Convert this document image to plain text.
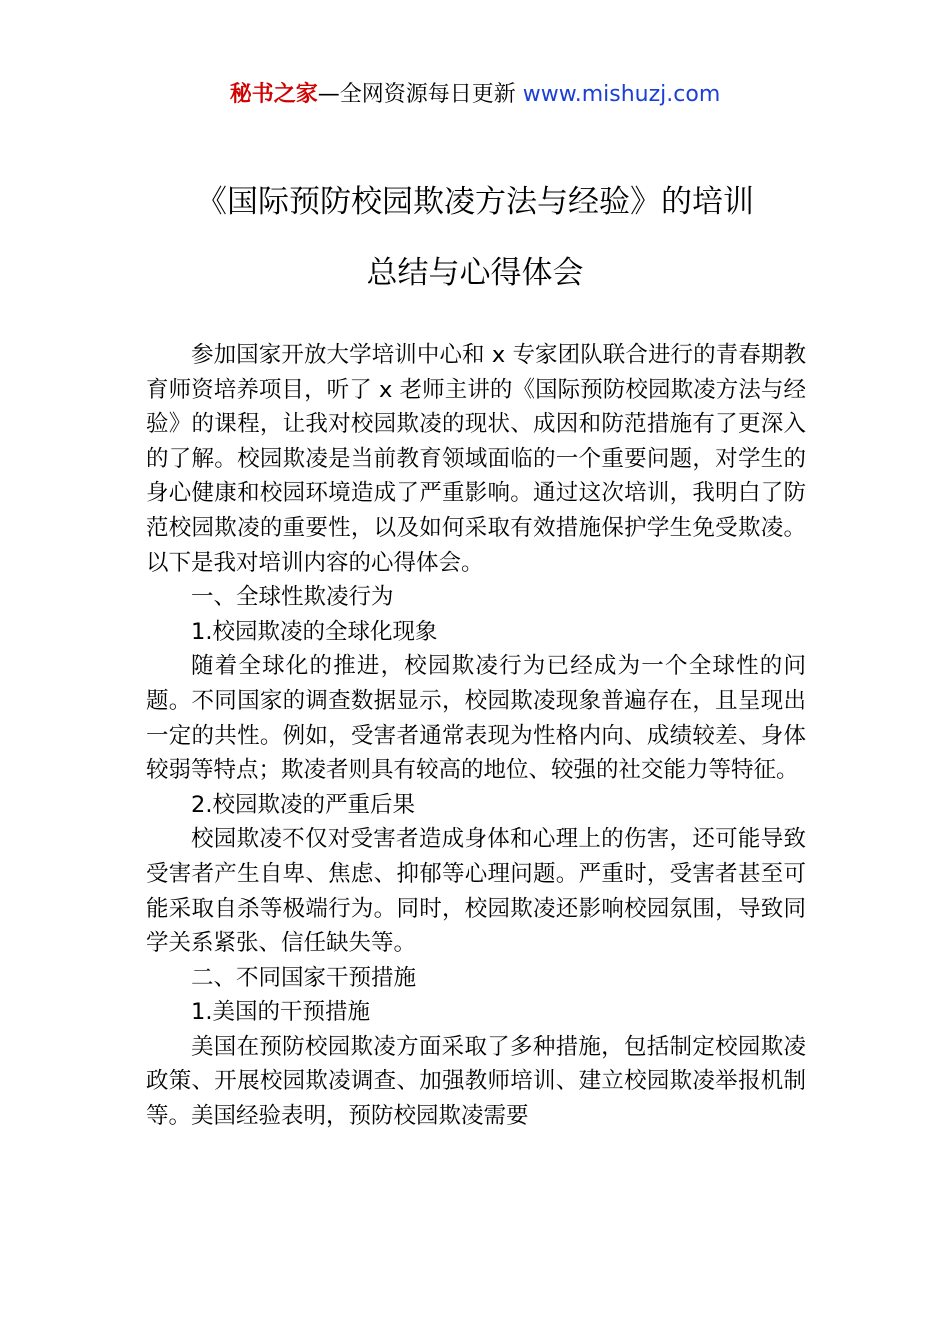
秘书之家—全网资源每日更新 www.mishuzj.com
《国际预防校园欺凌方法与经验》的培训
总结与心得体会

参加国家开放大学培训中心和 x 专家团队联合进行的青春期教育师资培养项目，听了 x 老师主讲的《国际预防校园欺凌方法与经验》的课程，让我对校园欺凌的现状、成因和防范措施有了更深入的了解。校园欺凌是当前教育领域面临的一个重要问题，对学生的身心健康和校园环境造成了严重影响。通过这次培训，我明白了防范校园欺凌的重要性，以及如何采取有效措施保护学生免受欺凌。以下是我对培训内容的心得体会。

一、全球性欺凌行为

1.校园欺凌的全球化现象

随着全球化的推进，校园欺凌行为已经成为一个全球性的问题。不同国家的调查数据显示，校园欺凌现象普遍存在，且呈现出一定的共性。例如，受害者通常表现为性格内向、成绩较差、身体较弱等特点；欺凌者则具有较高的地位、较强的社交能力等特征。

2.校园欺凌的严重后果

校园欺凌不仅对受害者造成身体和心理上的伤害，还可能导致受害者产生自卑、焦虑、抑郁等心理问题。严重时，受害者甚至可能采取自杀等极端行为。同时，校园欺凌还影响校园氛围，导致同学关系紧张、信任缺失等。

二、不同国家干预措施

1.美国的干预措施

美国在预防校园欺凌方面采取了多种措施，包括制定校园欺凌政策、开展校园欺凌调查、加强教师培训、建立校园欺凌举报机制等。美国经验表明，预防校园欺凌需要
